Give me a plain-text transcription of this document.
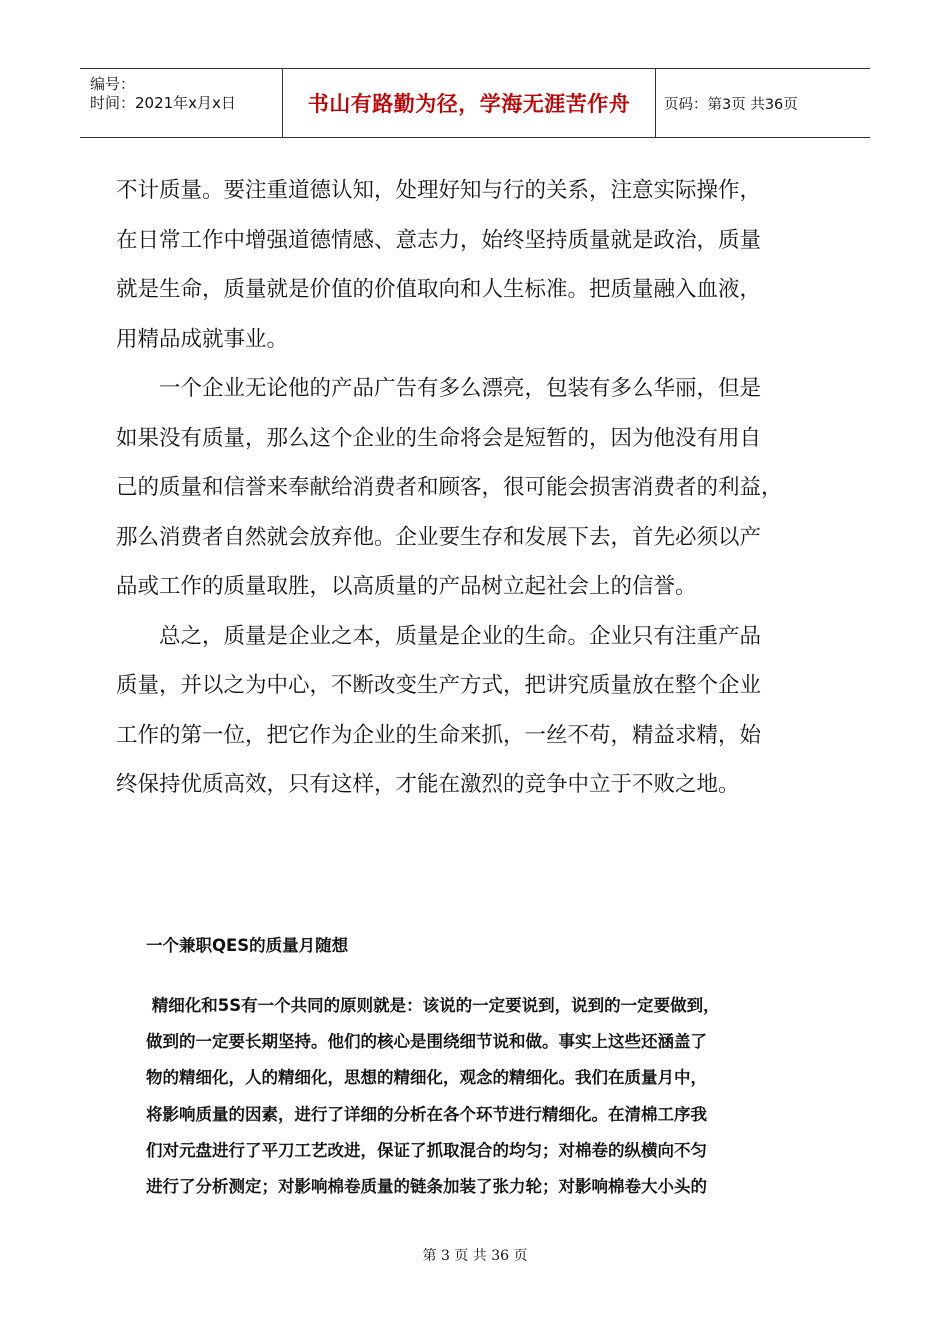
编号：
时间：2021年x月x日	书山有路勤为径，学海无涯苦作舟	页码：第3页 共36页
不计质量。要注重道德认知，处理好知与行的关系，注意实际操作，
在日常工作中增强道德情感、意志力，始终坚持质量就是政治，质量
就是生命，质量就是价值的价值取向和人生标准。把质量融入血液，
用精品成就事业。
　　一个企业无论他的产品广告有多么漂亮，包装有多么华丽，但是
如果没有质量，那么这个企业的生命将会是短暂的，因为他没有用自
己的质量和信誉来奉献给消费者和顾客，很可能会损害消费者的利益，
那么消费者自然就会放弃他。企业要生存和发展下去，首先必须以产
品或工作的质量取胜，以高质量的产品树立起社会上的信誉。
　　总之，质量是企业之本，质量是企业的生命。企业只有注重产品
质量，并以之为中心，不断改变生产方式，把讲究质量放在整个企业
工作的第一位，把它作为企业的生命来抓，一丝不苟，精益求精，始
终保持优质高效，只有这样，才能在激烈的竞争中立于不败之地。
一个兼职QES的质量月随想
精细化和5S有一个共同的原则就是：该说的一定要说到，说到的一定要做到，
做到的一定要长期坚持。他们的核心是围绕细节说和做。事实上这些还涵盖了
物的精细化，人的精细化，思想的精细化，观念的精细化。我们在质量月中，
将影响质量的因素，进行了详细的分析在各个环节进行精细化。在清棉工序我
们对元盘进行了平刀工艺改进，保证了抓取混合的均匀；对棉卷的纵横向不匀
进行了分析测定；对影响棉卷质量的链条加装了张力轮；对影响棉卷大小头的
第 3 页 共 36 页
